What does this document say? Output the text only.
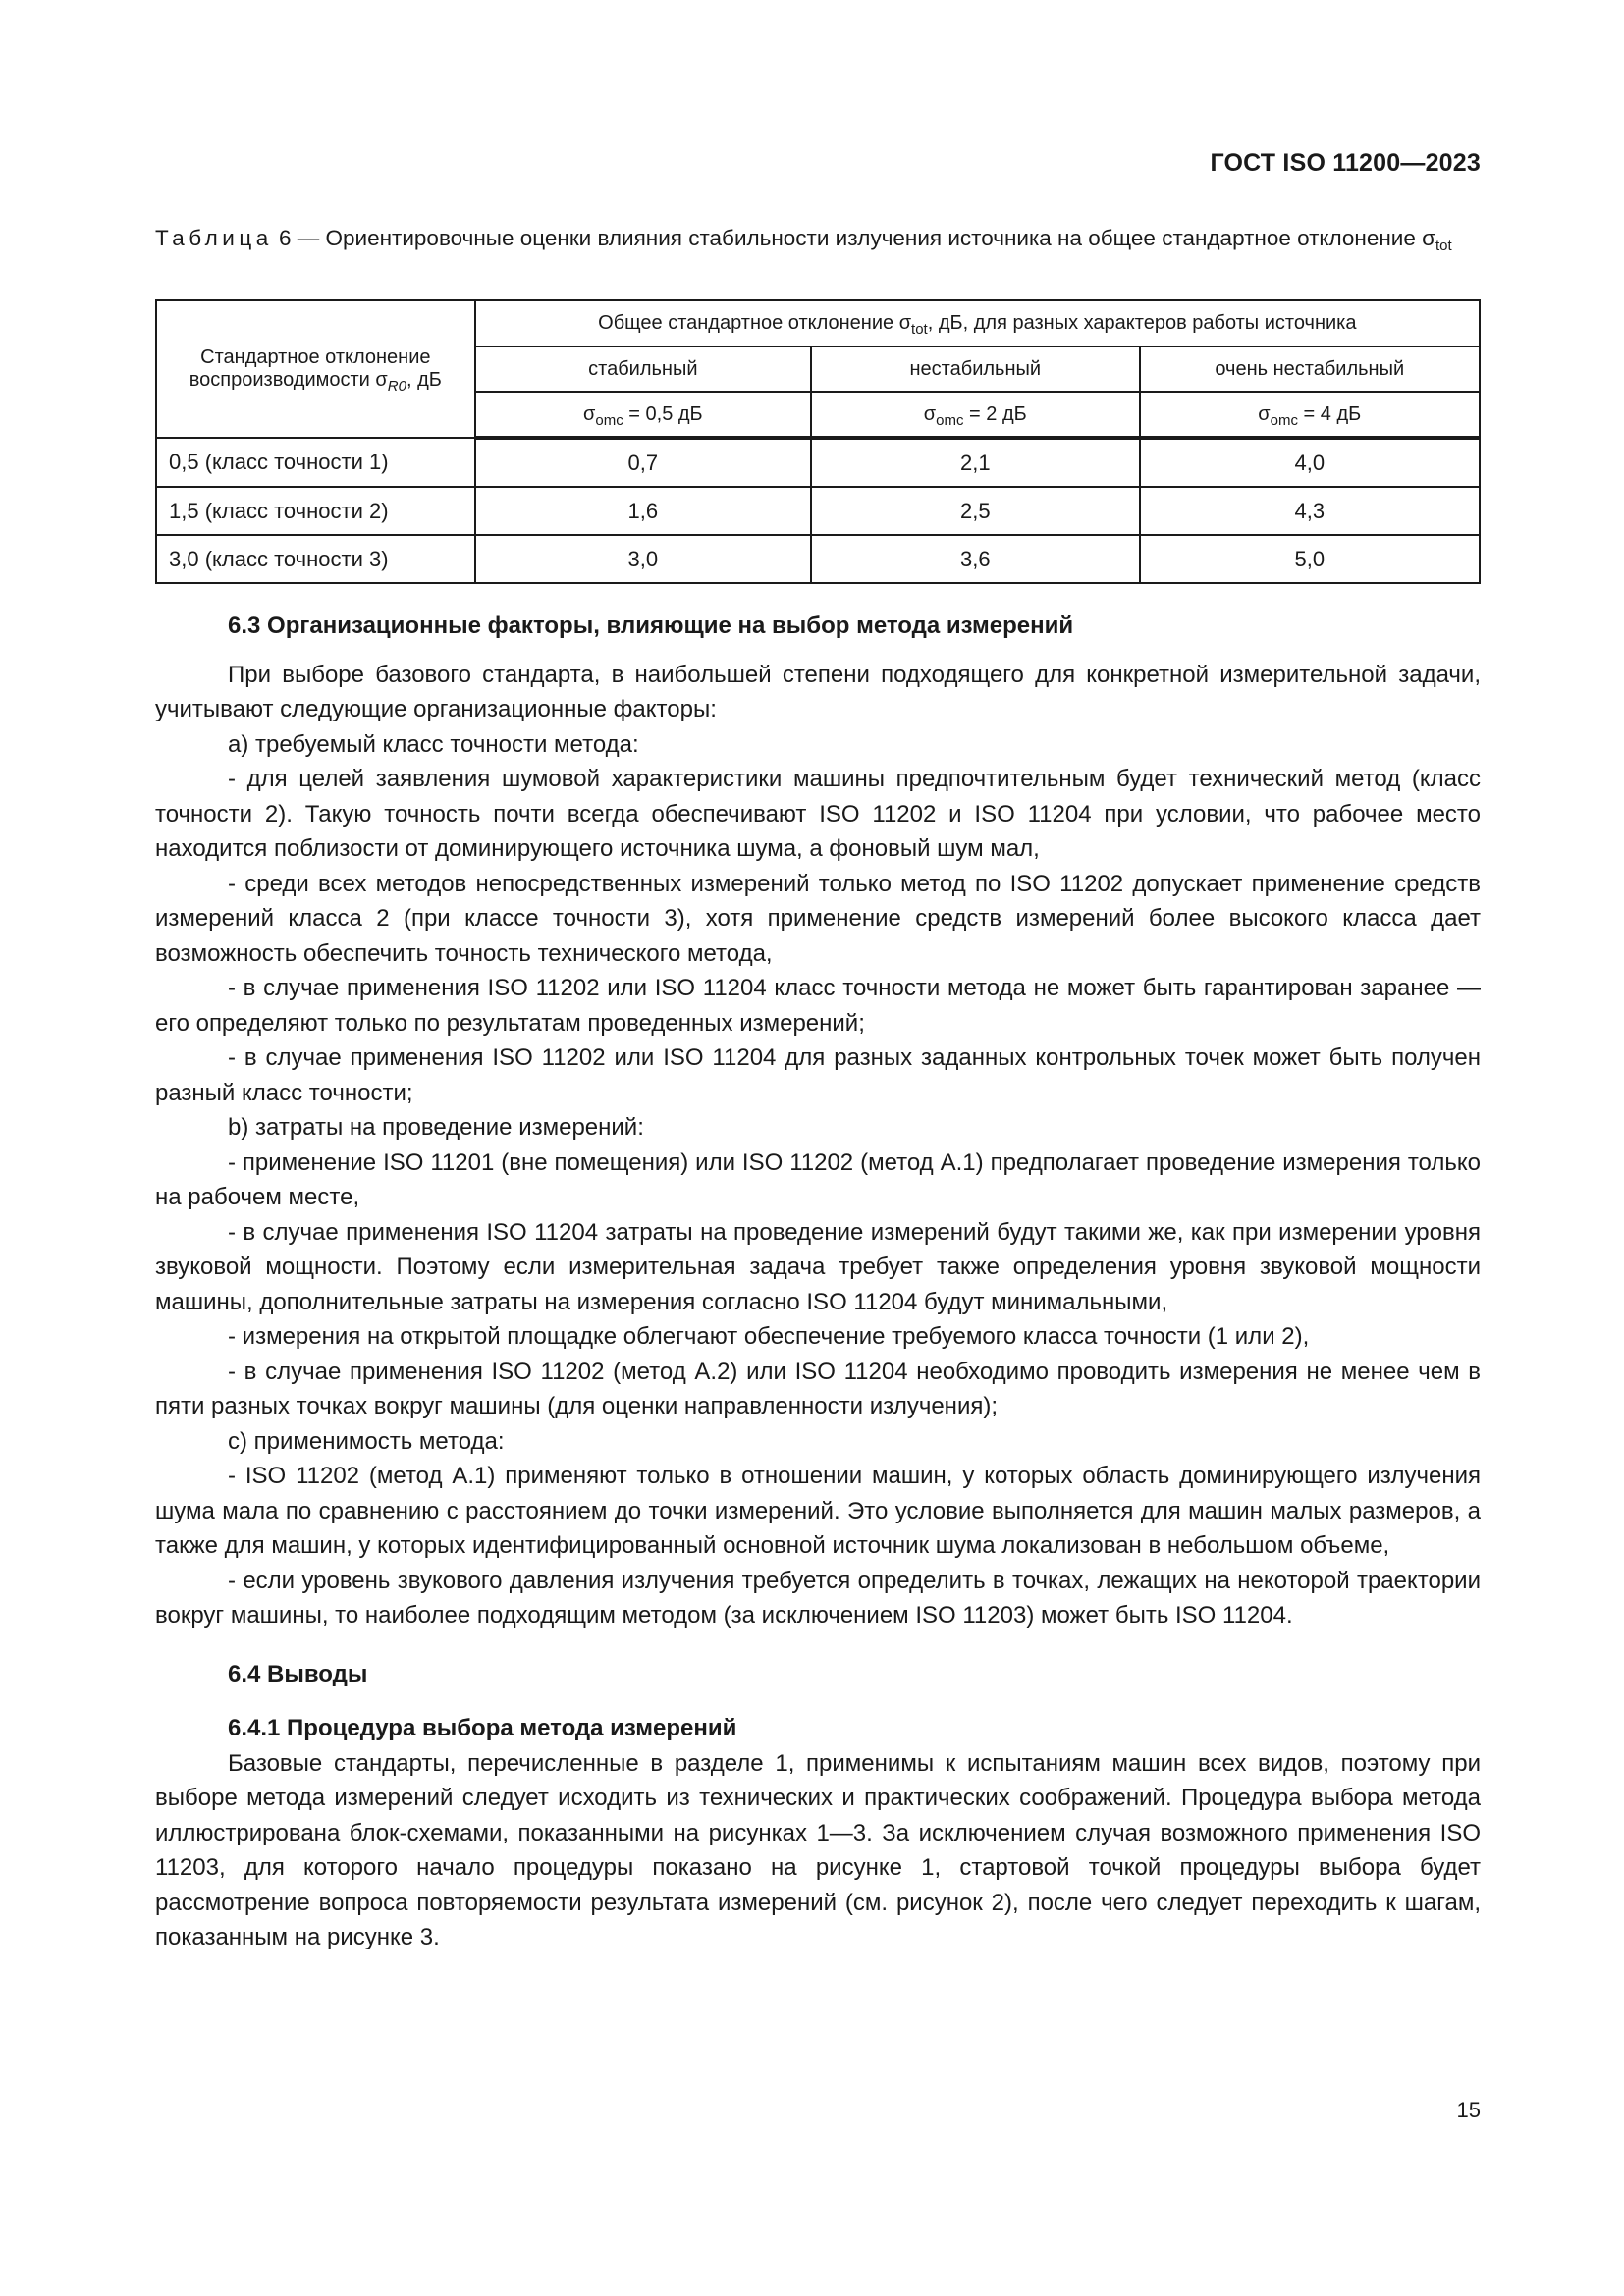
ГОСТ ISO 11200—2023
Таблица 6 — Ориентировочные оценки влияния стабильности излучения источника на общее стандартное отклонение $\sigma_{tot}$
Стандартное отклонение воспроизводимости $\sigma_{R0}$, дБ	Общее стандартное отклонение $\sigma_{tot}$, дБ, для разных характеров работы источника		
	стабильный	нестабильный	очень нестабильный
	$\sigma_{omc} = 0,5$ дБ	$\sigma_{omc} = 2$ дБ	$\sigma_{omc} = 4$ дБ
0,5 (класс точности 1)	0,7	2,1	4,0
1,5 (класс точности 2)	1,6	2,5	4,3
3,0 (класс точности 3)	3,0	3,6	5,0
6.3 Организационные факторы, влияющие на выбор метода измерений

При выборе базового стандарта, в наибольшей степени подходящего для конкретной измерительной задачи, учитывают следующие организационные факторы:

a) требуемый класс точности метода:

- для целей заявления шумовой характеристики машины предпочтительным будет технический метод (класс точности 2). Такую точность почти всегда обеспечивают ISO 11202 и ISO 11204 при условии, что рабочее место находится поблизости от доминирующего источника шума, а фоновый шум мал,

- среди всех методов непосредственных измерений только метод по ISO 11202 допускает применение средств измерений класса 2 (при классе точности 3), хотя применение средств измерений более высокого класса дает возможность обеспечить точность технического метода,

- в случае применения ISO 11202 или ISO 11204 класс точности метода не может быть гарантирован заранее — его определяют только по результатам проведенных измерений;

- в случае применения ISO 11202 или ISO 11204 для разных заданных контрольных точек может быть получен разный класс точности;

b) затраты на проведение измерений:

- применение ISO 11201 (вне помещения) или ISO 11202 (метод А.1) предполагает проведение измерения только на рабочем месте,

- в случае применения ISO 11204 затраты на проведение измерений будут такими же, как при измерении уровня звуковой мощности. Поэтому если измерительная задача требует также определения уровня звуковой мощности машины, дополнительные затраты на измерения согласно ISO 11204 будут минимальными,

- измерения на открытой площадке облегчают обеспечение требуемого класса точности (1 или 2),

- в случае применения ISO 11202 (метод А.2) или ISO 11204 необходимо проводить измерения не менее чем в пяти разных точках вокруг машины (для оценки направленности излучения);

c) применимость метода:

- ISO 11202 (метод А.1) применяют только в отношении машин, у которых область доминирующего излучения шума мала по сравнению с расстоянием до точки измерений. Это условие выполняется для машин малых размеров, а также для машин, у которых идентифицированный основной источник шума локализован в небольшом объеме,

- если уровень звукового давления излучения требуется определить в точках, лежащих на некоторой траектории вокруг машины, то наиболее подходящим методом (за исключением ISO 11203) может быть ISO 11204.

6.4 Выводы
6.4.1 Процедура выбора метода измерений

Базовые стандарты, перечисленные в разделе 1, применимы к испытаниям машин всех видов, поэтому при выборе метода измерений следует исходить из технических и практических соображений. Процедура выбора метода иллюстрирована блок-схемами, показанными на рисунках 1—3. За исключением случая возможного применения ISO 11203, для которого начало процедуры показано на рисунке 1, стартовой точкой процедуры выбора будет рассмотрение вопроса повторяемости результата измерений (см. рисунок 2), после чего следует переходить к шагам, показанным на рисунке 3.

15
